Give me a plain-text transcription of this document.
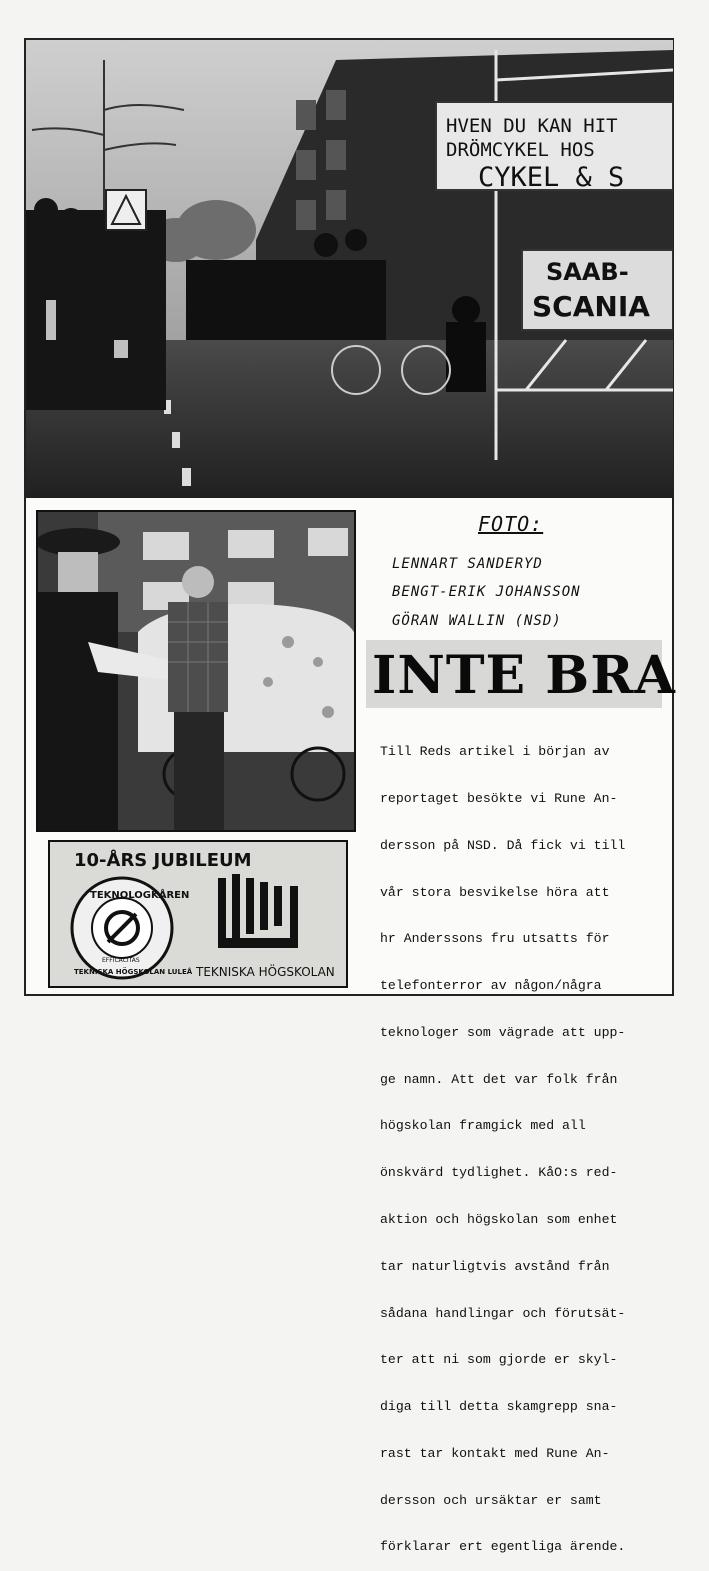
HVEN DU KAN HIT
DRÖMCYKEL HOS
CYKEL & S
SAAB-
SCANIA
10-ÅRS JUBILEUM
TEKNOLOGKÅREN
EFFICACITAS
TEKNISKA HÖGSKOLAN LULEÅ TEKNISKA HÖGSKOLAN
FOTO:
LENNART SANDERYD
BENGT-ERIK JOHANSSON
GÖRAN WALLIN (NSD)
INTE BRA

Till Reds artikel i början av

reportaget besökte vi Rune An-

dersson på NSD. Då fick vi till

vår stora besvikelse höra att

hr Anderssons fru utsatts för

telefonterror av någon/några

teknologer som vägrade att upp-

ge namn. Att det var folk från

högskolan framgick med all

önskvärd tydlighet. KåO:s red-

aktion och högskolan som enhet

tar naturligtvis avstånd från

sådana handlingar och förutsät-

ter att ni som gjorde er skyl-

diga till detta skamgrepp sna-

rast tar kontakt med Rune An-

dersson och ursäktar er samt

förklarar ert egentliga ärende.
